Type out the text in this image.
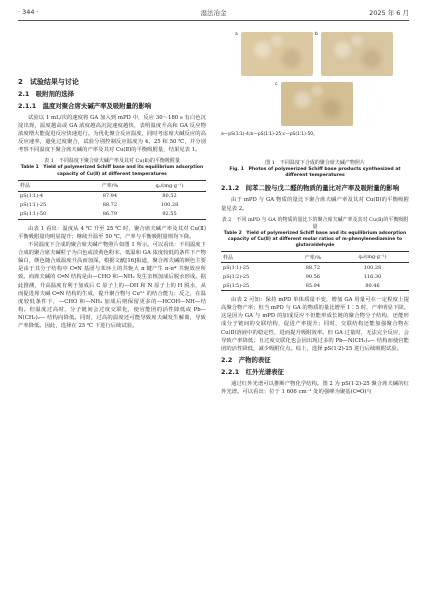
· 344 ·	湿法冶金	2025 年 6 月
2　试验结果与讨论
2.1　吸附剂的选择
2.1.1　温度对聚合席夫碱产率及吸附量的影响

试验以 1 mL/次的速度将 GA 加入到 mPD 中，反应 30～180 s 有白色沉淀出现，温度越高或 GA 浓度越高沉淀速度越快，表明温度升高和 GA 反应物浓度增大能促进反应快速进行。为优化聚合反应温度，同时考虑席夫碱反应的高反应速率，避免过度聚合，试验分别控制反应温度为 4、25 和 50 ℃，并分别考察不同温度下聚合席夫碱的产率及其对 Cu(Ⅱ)的平衡吸附量，结果见表 1。

表 1　不同温度下聚合席夫碱产率及其对 Cu(Ⅱ)的平衡吸附量
Table 1　Yield of polymerized Schiff base and its equilibrium adsorption capacity of Cu(Ⅱ) at different temperatures
样品	产率/%	qₑ/(mg·g⁻¹)
pS(1∶1)-4	87.94	80.52
pS(1∶1)-25	88.72	100.28
pS(1∶1)-50	86.79	92.55

由表 1 看出：温度从 4 ℃ 升至 25 ℃ 时，聚合席夫碱产率及其对 Cu(Ⅱ)平衡吸附量均明显提升；继续升温至 50 ℃，产率与平衡吸附量则均下降。

不同温度下合成的聚合席夫碱产物照片如图 1 所示。可以看出：不同温度下合成的聚合席夫碱粒子为白色或淡黄色粉末，低温和 GA 浓度较低的条件下产物偏白，颜色随合成温度升高而加深。根据文献[16]报道，聚合席夫碱的颜色主要是由于其分子结构中 C═N 基团与苯环上的共轭大 π 键产生 π-π* 共轭效应所致。而席夫碱的 C═N 结构是由—CHO 和—NH₂ 发生亲核加成后脱水形成。据此推测，升高温度有利于加成后 C 原子上的—OH 和 N 原子上的 H 脱水，从而促进席夫碱 C═N 结构的生成，提升聚合物与 Cu²⁺ 的结合能力；反之，在温度较低条件下，—CHO 和—NH₂ 加成后则保留更多的—HCOH—NH—结构。但温度过高时，分子链间会过度交联化，使官能团的活性降低或 Pb—N(CH₂)₂— 结构向降低。同时，过高的温度还可能导致席夫碱发生解离，导致产率降低。因此，选择在 25 ℃ 下进行后续试验。

a	b
c
a—pS(1∶1)-4;b—pS(1∶1)-25;c—pS(1∶1)-50。
图 1　不同温度下合成的聚合席夫碱产物照片
Fig. 1　Photos of polymerized Schiff base products synthesized at different temperatures
2.1.2　间苯二胺与戊二醛的物质的量比对产率及吸附量的影响

由于 mPD 与 GA 物质的量比下聚合席夫碱产率及其对 Cu(Ⅱ)的平衡吸附量见表 2。

表 2　不同 mPD 与 GA 的物质的量比下的聚合席夫碱产率及其对 Cu(Ⅱ)的平衡吸附量
Table 2　Yield of polymerized Schiff base and its equilibrium adsorption capacity of Cu(Ⅱ) at different molar ratios of m-phenylenediamine to glutaraldehyde
样品	产率/%	qₑ/(mg·g⁻¹)
pS(1∶1)-25	88.72	100.28
pS(1∶2)-25	90.56	116.30
pS(1∶5)-25	85.94	80.46

由表 2 可知：保持 mPD 单体质量不变，增加 GA 用量可在一定程度上提高聚合物产率；但当 mPD 与 GA 的物质的量比增至 1∶5 时，产率明显下降。这是因为 GA 与 mPD 的加成反应不但能形成长链的聚合物分子结构，还能形成分子链间的交联结构，促进产率提升；同时，交联结构还能加强聚合物在 Cu(Ⅱ)溶液中的稳定性，进而提升吸附效率。但 GA 过量时，无法完全反应，会导致产率降低；且过度交联化也会因出现过多的 Pb—N(CH₂)₂— 结构而使官能团的活性降低，减少吸附位点。综上，选择 pS(1∶2)-25 进行后续吸附试验。

2.2　产物的表征
2.2.1　红外光谱表征

通过红外光谱可以推断产物化学结构。图 2 为 pS(1∶2)-25 聚合席夫碱的红外光谱。可以看出：位于 1 606 cm⁻¹ 处的强峰为聚基(C═O)与
